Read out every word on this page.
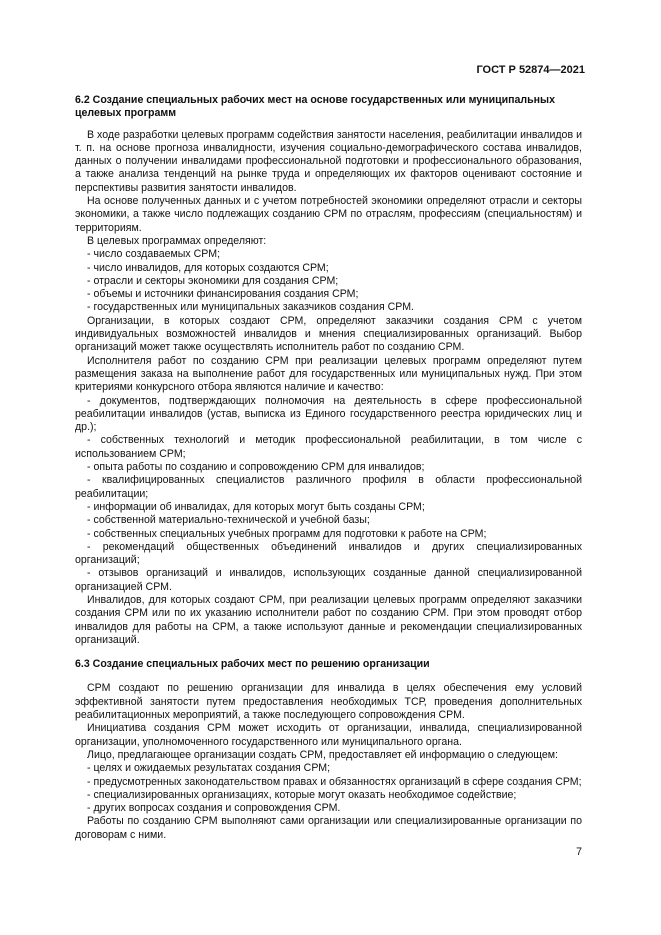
ГОСТ Р 52874—2021
6.2 Создание специальных рабочих мест на основе государственных или муниципальных целевых программ

В ходе разработки целевых программ содействия занятости населения, реабилитации инвалидов и т. п. на основе прогноза инвалидности, изучения социально-демографического состава инвалидов, данных о получении инвалидами профессиональной подготовки и профессионального образования, а также анализа тенденций на рынке труда и определяющих их факторов оценивают состояние и перспективы развития занятости инвалидов.

На основе полученных данных и с учетом потребностей экономики определяют отрасли и секторы экономики, а также число подлежащих созданию СРМ по отраслям, профессиям (специальностям) и территориям.

В целевых программах определяют:

- число создаваемых СРМ;

- число инвалидов, для которых создаются СРМ;

- отрасли и секторы экономики для создания СРМ;

- объемы и источники финансирования создания СРМ;

- государственных или муниципальных заказчиков создания СРМ.

Организации, в которых создают СРМ, определяют заказчики создания СРМ с учетом индивидуальных возможностей инвалидов и мнения специализированных организаций. Выбор организаций может также осуществлять исполнитель работ по созданию СРМ.

Исполнителя работ по созданию СРМ при реализации целевых программ определяют путем размещения заказа на выполнение работ для государственных или муниципальных нужд. При этом критериями конкурсного отбора являются наличие и качество:

- документов, подтверждающих полномочия на деятельность в сфере профессиональной реабилитации инвалидов (устав, выписка из Единого государственного реестра юридических лиц и др.);

- собственных технологий и методик профессиональной реабилитации, в том числе с использованием СРМ;

- опыта работы по созданию и сопровождению СРМ для инвалидов;

- квалифицированных специалистов различного профиля в области профессиональной реабилитации;

- информации об инвалидах, для которых могут быть созданы СРМ;

- собственной материально-технической и учебной базы;

- собственных специальных учебных программ для подготовки к работе на СРМ;

- рекомендаций общественных объединений инвалидов и других специализированных организаций;

- отзывов организаций и инвалидов, использующих созданные данной специализированной организацией СРМ.

Инвалидов, для которых создают СРМ, при реализации целевых программ определяют заказчики создания СРМ или по их указанию исполнители работ по созданию СРМ. При этом проводят отбор инвалидов для работы на СРМ, а также используют данные и рекомендации специализированных организаций.

6.3 Создание специальных рабочих мест по решению организации

СРМ создают по решению организации для инвалида в целях обеспечения ему условий эффективной занятости путем предоставления необходимых ТСР, проведения дополнительных реабилитационных мероприятий, а также последующего сопровождения СРМ.

Инициатива создания СРМ может исходить от организации, инвалида, специализированной организации, уполномоченного государственного или муниципального органа.

Лицо, предлагающее организации создать СРМ, предоставляет ей информацию о следующем:

- целях и ожидаемых результатах создания СРМ;

- предусмотренных законодательством правах и обязанностях организаций в сфере создания СРМ;

- специализированных организациях, которые могут оказать необходимое содействие;

- других вопросах создания и сопровождения СРМ.

Работы по созданию СРМ выполняют сами организации или специализированные организации по договорам с ними.

7
